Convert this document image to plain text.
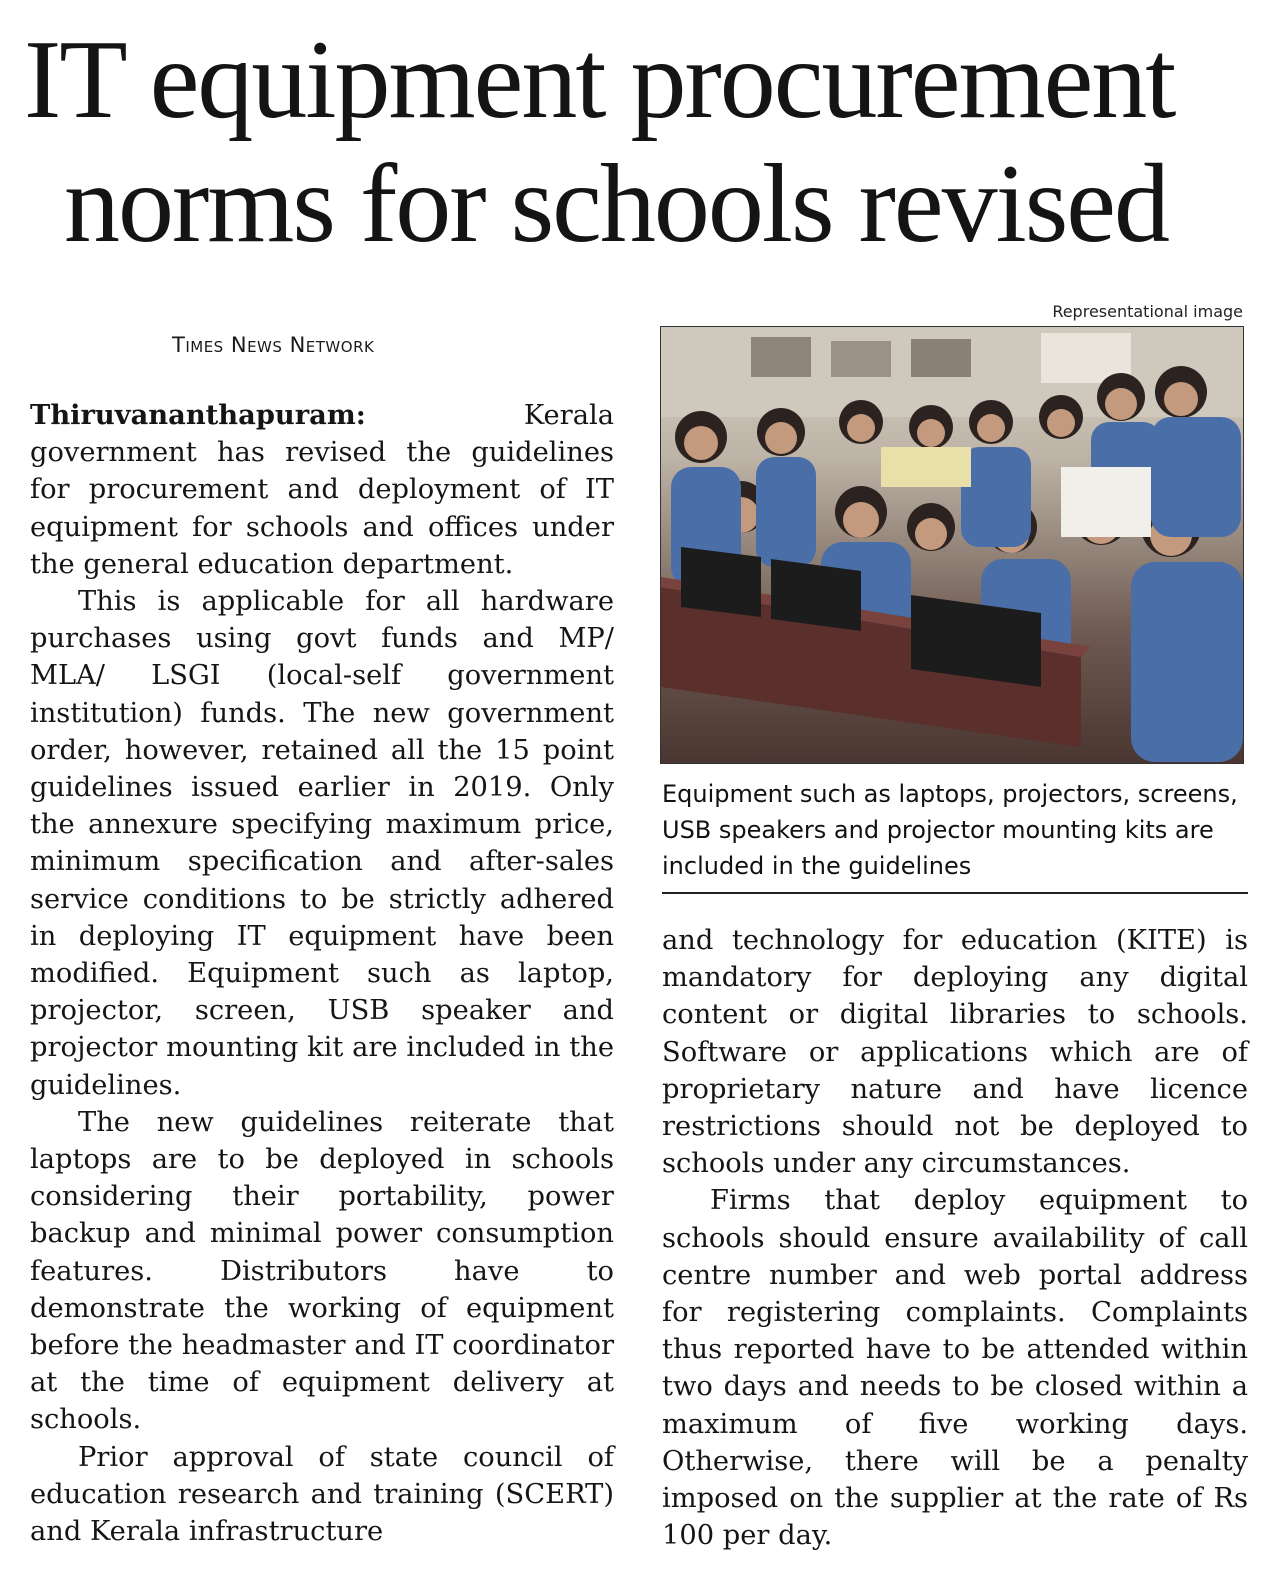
IT equipment procurement
norms for schools revised
Times News Network

Thiruvananthapuram:	Kerala government has revised the guidelines for procurement and deployment of IT equipment for schools and offices under the general education department.

This is applicable for all hardware purchases using govt funds and MP/ MLA/ LSGI (local-self government institution) funds. The new government order, however, retained all the 15 point guidelines issued earlier in 2019. Only the annexure specifying maximum price, minimum specification and after-sales service conditions to be strictly adhered in deploying IT equipment have been modified. Equipment such as laptop, projector, screen, USB speaker and projector mounting kit are included in the guidelines.

The new guidelines reiterate that laptops are to be deployed in schools considering their portability, power backup and minimal power consumption features. Distributors have to demonstrate the working of equipment before the headmaster and IT coordinator at the time of equipment delivery at schools.

Prior approval of state council of education research and training (SCERT) and Kerala infrastructure

Representational image
Equipment such as laptops, projectors, screens, USB speakers and projector mounting kits are included in the guidelines

and technology for education (KITE) is mandatory for deploying any digital content or digital libraries to schools. Software or applications which are of proprietary nature and have licence restrictions should not be deployed to schools under any circumstances.

Firms that deploy equipment to schools should ensure availability of call centre number and web portal address for registering complaints. Complaints thus reported have to be attended within two days and needs to be closed within a maximum of five working days. Otherwise, there will be a penalty imposed on the supplier at the rate of Rs 100 per day.
